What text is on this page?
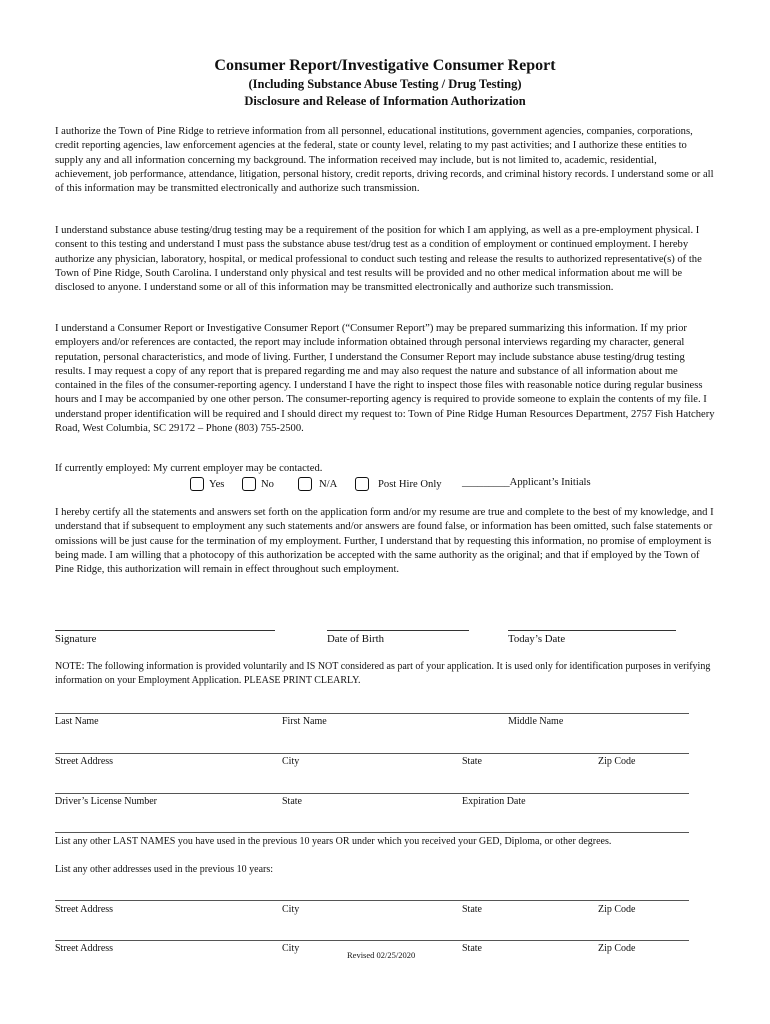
Consumer Report/Investigative Consumer Report
(Including Substance Abuse Testing / Drug Testing)
Disclosure and Release of Information Authorization

I authorize the Town of Pine Ridge to retrieve information from all personnel, educational institutions, government agencies, companies, corporations, credit reporting agencies, law enforcement agencies at the federal, state or county level, relating to my past activities; and I authorize these entities to supply any and all information concerning my background. The information received may include, but is not limited to, academic, residential, achievement, job performance, attendance, litigation, personal history, credit reports, driving records, and criminal history records. I understand some or all of this information may be transmitted electronically and authorize such transmission.

I understand substance abuse testing/drug testing may be a requirement of the position for which I am applying, as well as a pre-employment physical. I consent to this testing and understand I must pass the substance abuse test/drug test as a condition of employment or continued employment. I hereby authorize any physician, laboratory, hospital, or medical professional to conduct such testing and release the results to authorized representative(s) of the Town of Pine Ridge, South Carolina. I understand only physical and test results will be provided and no other medical information about me will be disclosed to anyone. I understand some or all of this information may be transmitted electronically and authorize such transmission.

I understand a Consumer Report or Investigative Consumer Report (“Consumer Report”) may be prepared summarizing this information. If my prior employers and/or references are contacted, the report may include information obtained through personal interviews regarding my character, general reputation, personal characteristics, and mode of living. Further, I understand the Consumer Report may include substance abuse testing/drug testing results. I may request a copy of any report that is prepared regarding me and may also request the nature and substance of all information about me contained in the files of the consumer-reporting agency. I understand I have the right to inspect those files with reasonable notice during regular business hours and I may be accompanied by one other person. The consumer-reporting agency is required to provide someone to explain the contents of my file. I understand proper identification will be required and I should direct my request to: Town of Pine Ridge Human Resources Department, 2757 Fish Hatchery Road, West Columbia, SC 29172 – Phone (803) 755-2500.

If currently employed: My current employer may be contacted.
Yes	No	N/A	Post Hire Only _________Applicant’s Initials

I hereby certify all the statements and answers set forth on the application form and/or my resume are true and complete to the best of my knowledge, and I understand that if subsequent to employment any such statements and/or answers are found false, or information has been omitted, such false statements or omissions will be just cause for the termination of my employment. Further, I understand that by requesting this information, no promise of employment is being made. I am willing that a photocopy of this authorization be accepted with the same authority as the original; and that if employed by the Town of Pine Ridge, this authorization will remain in effect throughout such employment.

Signature	Date of Birth	Today’s Date

NOTE: The following information is provided voluntarily and IS NOT considered as part of your application. It is used only for identification purposes in verifying information on your Employment Application. PLEASE PRINT CLEARLY.

Last Name	First Name	Middle Name
Street Address	City	State	Zip Code
Driver’s License Number	State	Expiration Date
List any other LAST NAMES you have used in the previous 10 years OR under which you received your GED, Diploma, or other degrees.
List any other addresses used in the previous 10 years:
Street Address	City	State	Zip Code
Street Address	City	State	Zip Code
Revised 02/25/2020
